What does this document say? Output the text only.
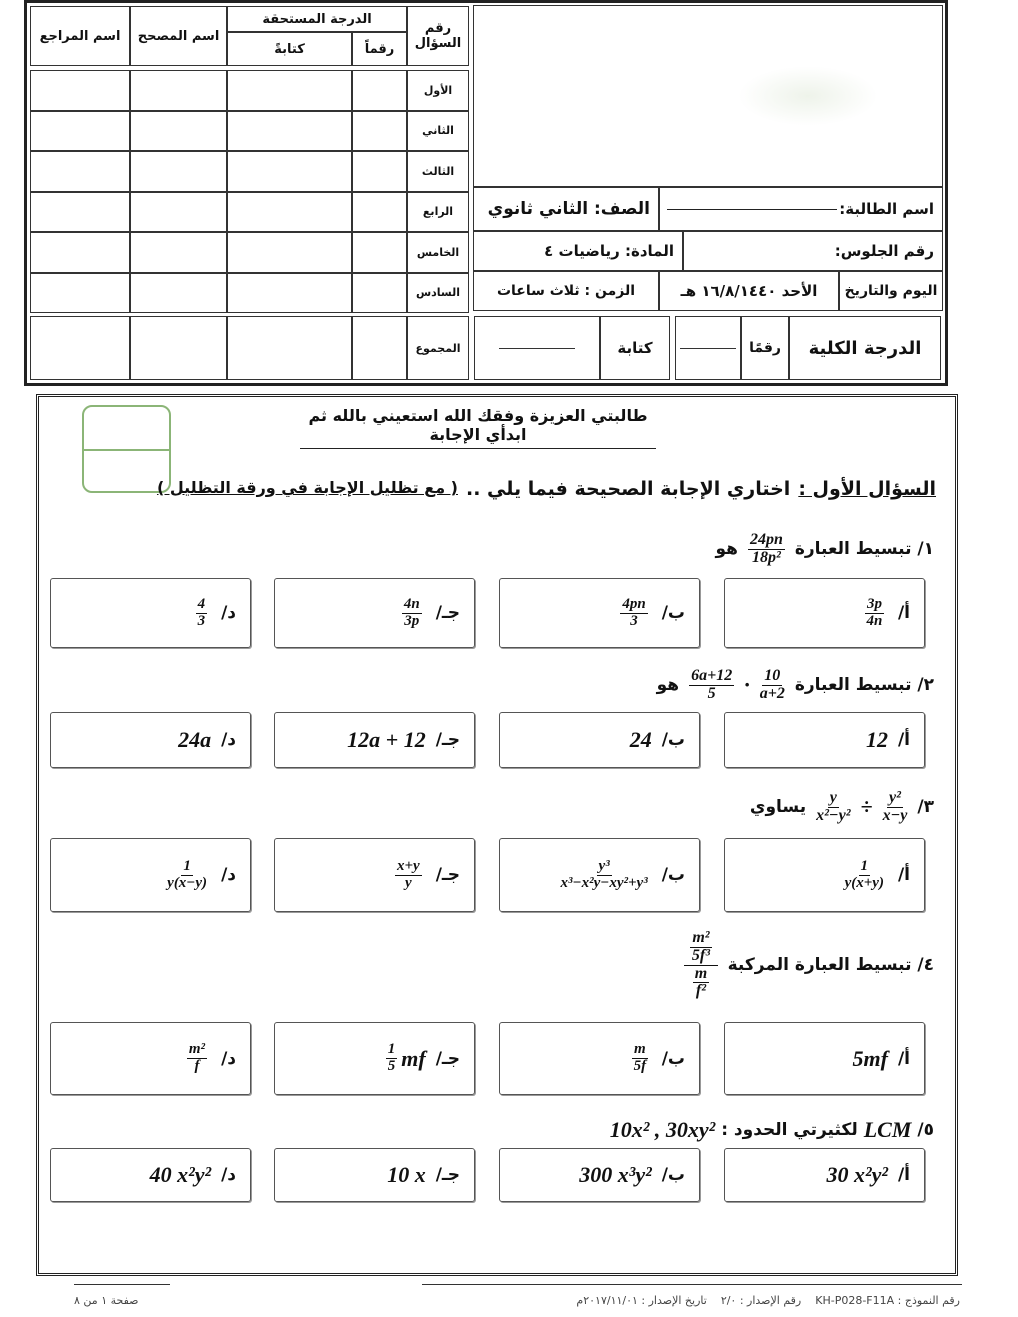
رقم السؤال
الدرجة المستحقة
رقماً
كتابةً
اسم المصحح
اسم المراجع
الأول
الثاني
الثالث
الرابع
الخامس
السادس
المجموع
اسم الطالبة:
الصف: الثاني ثانوي
رقم الجلوس:
المادة: رياضيات ٤
اليوم والتاريخ
الأحد ١٦/٨/١٤٤٠ هـ
الزمن : ثلاث ساعات
الدرجة الكلية
رقمًا
كتابة
طالبتي العزيزة وفقك الله استعيني بالله ثم ابدأي الإجابة
السؤال الأول :
اختاري الإجابة الصحيحة فيما يلي ..
( مع تظليل الإجابة في ورقة التظليل )
١/ تبسيط العبارة
$\frac{24pn}{\text{18p²}}$
هو
أ/
$\frac{3p}{4n}$
ب/
$\frac{4pn}{3}$
جـ/
$\frac{4n}{3p}$
د/
$\frac{4}{3}$
٢/ تبسيط العبارة
$\frac{10}{a+2}$
·
$\frac{6a+12}{5}$
هو
أ/
12
ب/
24
جـ/
12a + 12
د/
24a
٣/
$\frac{\text{y²}}{x-y}$
÷
$\frac{y}{\text{x²−y²}}$
يساوي
أ/
$\frac{1}{y(x+y)}$
ب/
$\frac{\text{y³}}{\text{x³−x²y−xy²+y³}}$
جـ/
$\frac{x+y}{y}$
د/
$\frac{1}{y(x-y)}$
٤/ تبسيط العبارة المركبة
$\frac{\frac{\text{m²}}{\text{5f³}}}{\frac{m}{\text{f²}}}$
أ/
5mf
ب/
$\frac{m}{5f}$
جـ/
$\frac{1}{5}$ mf
د/
$\frac{\text{m²}}{f}$
٥/
LCM
لكثيرتي الحدود :
10x² , 30xy²
أ/
30 x²y²
ب/
300 x³y²
جـ/
10 x
د/
40 x²y²
صفحة ١ من ٨	رقم النموذج : KH-P028-F11A    رقم الإصدار : ٢/٠    تاريخ الإصدار : ٢٠١٧/١١/٠١م
